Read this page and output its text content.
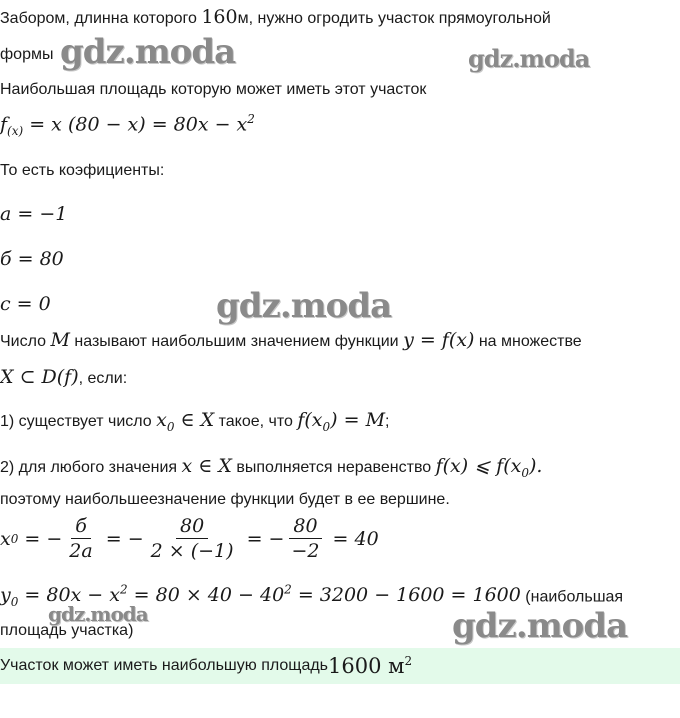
Забором, длинна которого 160м, нужно огродить участок прямоугольной
формы gdz.moda	gdz.moda
Наибольшая площадь которую может иметь этот участок
$f_{(x)} = x$ $(80 - x) = 80x - x^2$
То есть коэфициенты:
a = −1
б = 80
c = 0	gdz.moda
Число M называют наибольшим значением функции y = f(x) на множестве
X ⊂ D(f), если:
1) существует число $x_0$ ∈ X такое, что $f(x_0) = M$;
2) для любого значения x ∈ X выполняется неравенство f(x) ⩽ $f(x_0)$.
поэтому наибольшеезначение функции будет в ее вершине.
x 0 = − $\frac{б}{2a}$ = − $\frac{80}{2 \times (-1)}$ = − $\frac{80}{-2} = 40$
$y_0 = 80x - x^2 = 80 \times 40 - 40^2 = 3200 - 1600 = 1600$ (наибольшая
gdz.moda
площадь участка)	gdz.moda
Участок может иметь наибольшую площадь 1600 $м^2$
